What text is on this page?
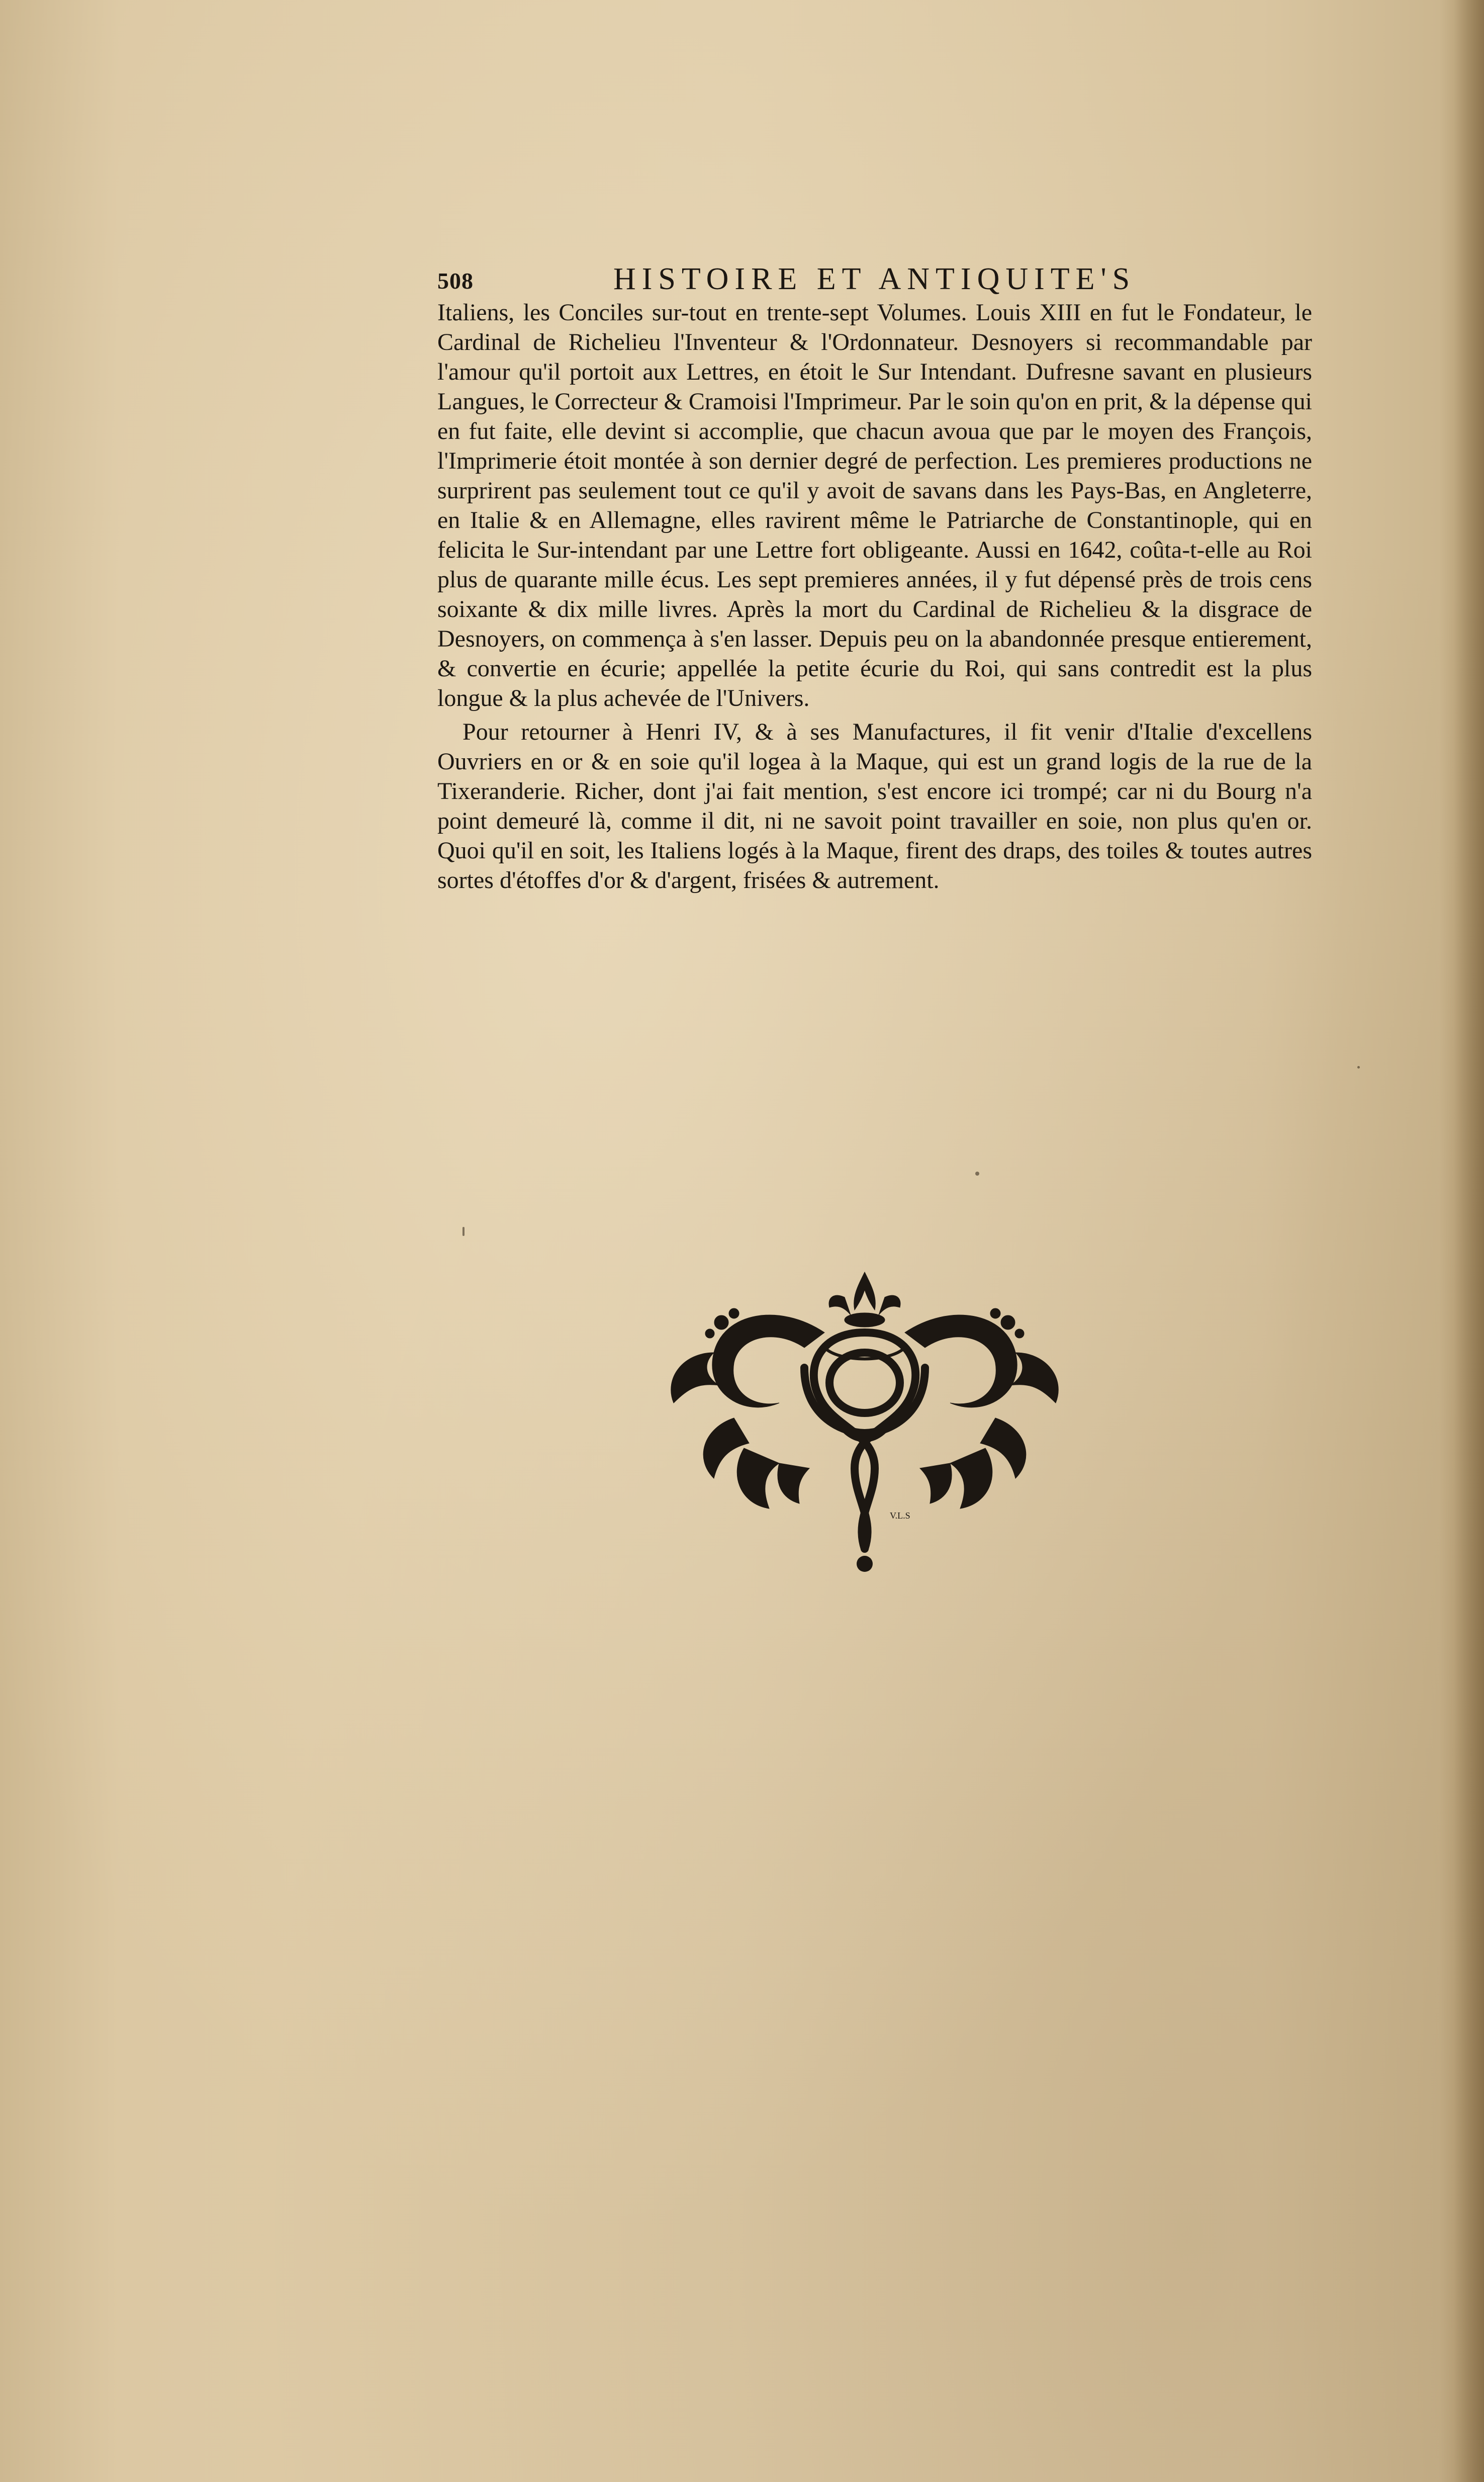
508	HISTOIRE ET ANTIQUITE'S

Italiens, les Conciles sur-tout en trente-sept Volumes. Louis XIII en fut le Fondateur, le Cardinal de Richelieu l'Inventeur & l'Ordonnateur. Desnoyers si recommandable par l'amour qu'il portoit aux Lettres, en étoit le Sur Intendant. Dufresne savant en plusieurs Langues, le Correcteur & Cramoisi l'Imprimeur. Par le soin qu'on en prit, & la dépense qui en fut faite, elle devint si accomplie, que chacun avoua que par le moyen des François, l'Imprimerie étoit montée à son dernier degré de perfection. Les premieres productions ne surprirent pas seulement tout ce qu'il y avoit de savans dans les Pays-Bas, en Angleterre, en Italie & en Allemagne, elles ravirent même le Patriarche de Constantinople, qui en felicita le Sur-intendant par une Lettre fort obligeante. Aussi en 1642, coûta-t-elle au Roi plus de quarante mille écus. Les sept premieres années, il y fut dépensé près de trois cens soixante & dix mille livres. Après la mort du Cardinal de Richelieu & la disgrace de Desnoyers, on commença à s'en lasser. Depuis peu on la abandonnée presque entierement, & convertie en écurie; appellée la petite écurie du Roi, qui sans contredit est la plus longue & la plus achevée de l'Univers.

Pour retourner à Henri IV, & à ses Manufactures, il fit venir d'Italie d'excellens Ouvriers en or & en soie qu'il logea à la Maque, qui est un grand logis de la rue de la Tixeranderie. Richer, dont j'ai fait mention, s'est encore ici trompé; car ni du Bourg n'a point demeuré là, comme il dit, ni ne savoit point travailler en soie, non plus qu'en or. Quoi qu'il en soit, les Italiens logés à la Maque, firent des draps, des toiles & toutes autres sortes d'étoffes d'or & d'argent, frisées & autrement.

V.L.S
